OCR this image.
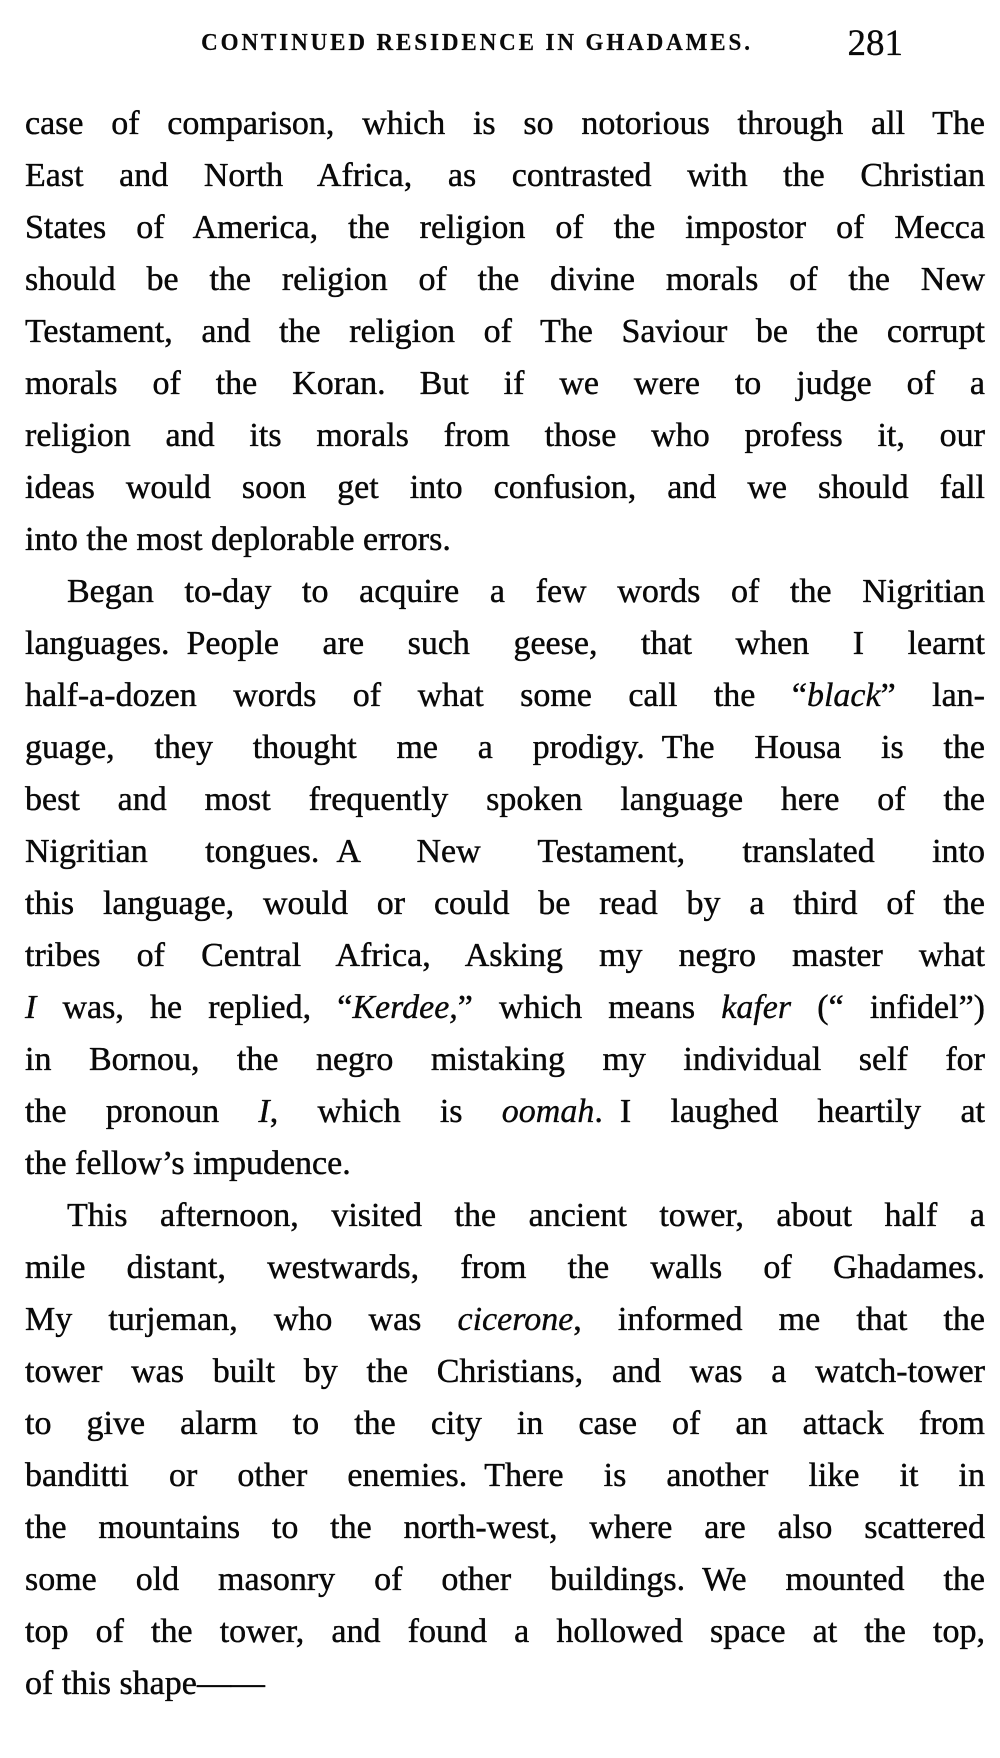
CONTINUED RESIDENCE IN GHADAMES.	281
case of comparison, which is so notorious through all The
East and North Africa, as contrasted with the Christian
States of America, the religion of the impostor of Mecca
should be the religion of the divine morals of the New
Testament, and the religion of The Saviour be the corrupt
morals of the Koran. But if we were to judge of a
religion and its morals from those who profess it, our
ideas would soon get into confusion, and we should fall
into the most deplorable errors.
Began to-day to acquire a few words of the Nigritian
languages. People are such geese, that when I learnt
half-a-dozen words of what some call the “black” lan-
guage, they thought me a prodigy. The Housa is the
best and most frequently spoken language here of the
Nigritian tongues. A New Testament, translated into
this language, would or could be read by a third of the
tribes of Central Africa, Asking my negro master what
I was, he replied, “Kerdee,” which means kafer (“ infidel”)
in Bornou, the negro mistaking my individual self for
the pronoun I, which is oomah. I laughed heartily at
the fellow’s impudence.
This afternoon, visited the ancient tower, about half a
mile distant, westwards, from the walls of Ghadames.
My turjeman, who was cicerone, informed me that the
tower was built by the Christians, and was a watch-tower
to give alarm to the city in case of an attack from
banditti or other enemies. There is another like it in
the mountains to the north-west, where are also scattered
some old masonry of other buildings. We mounted the
top of the tower, and found a hollowed space at the top,
of this shape——
